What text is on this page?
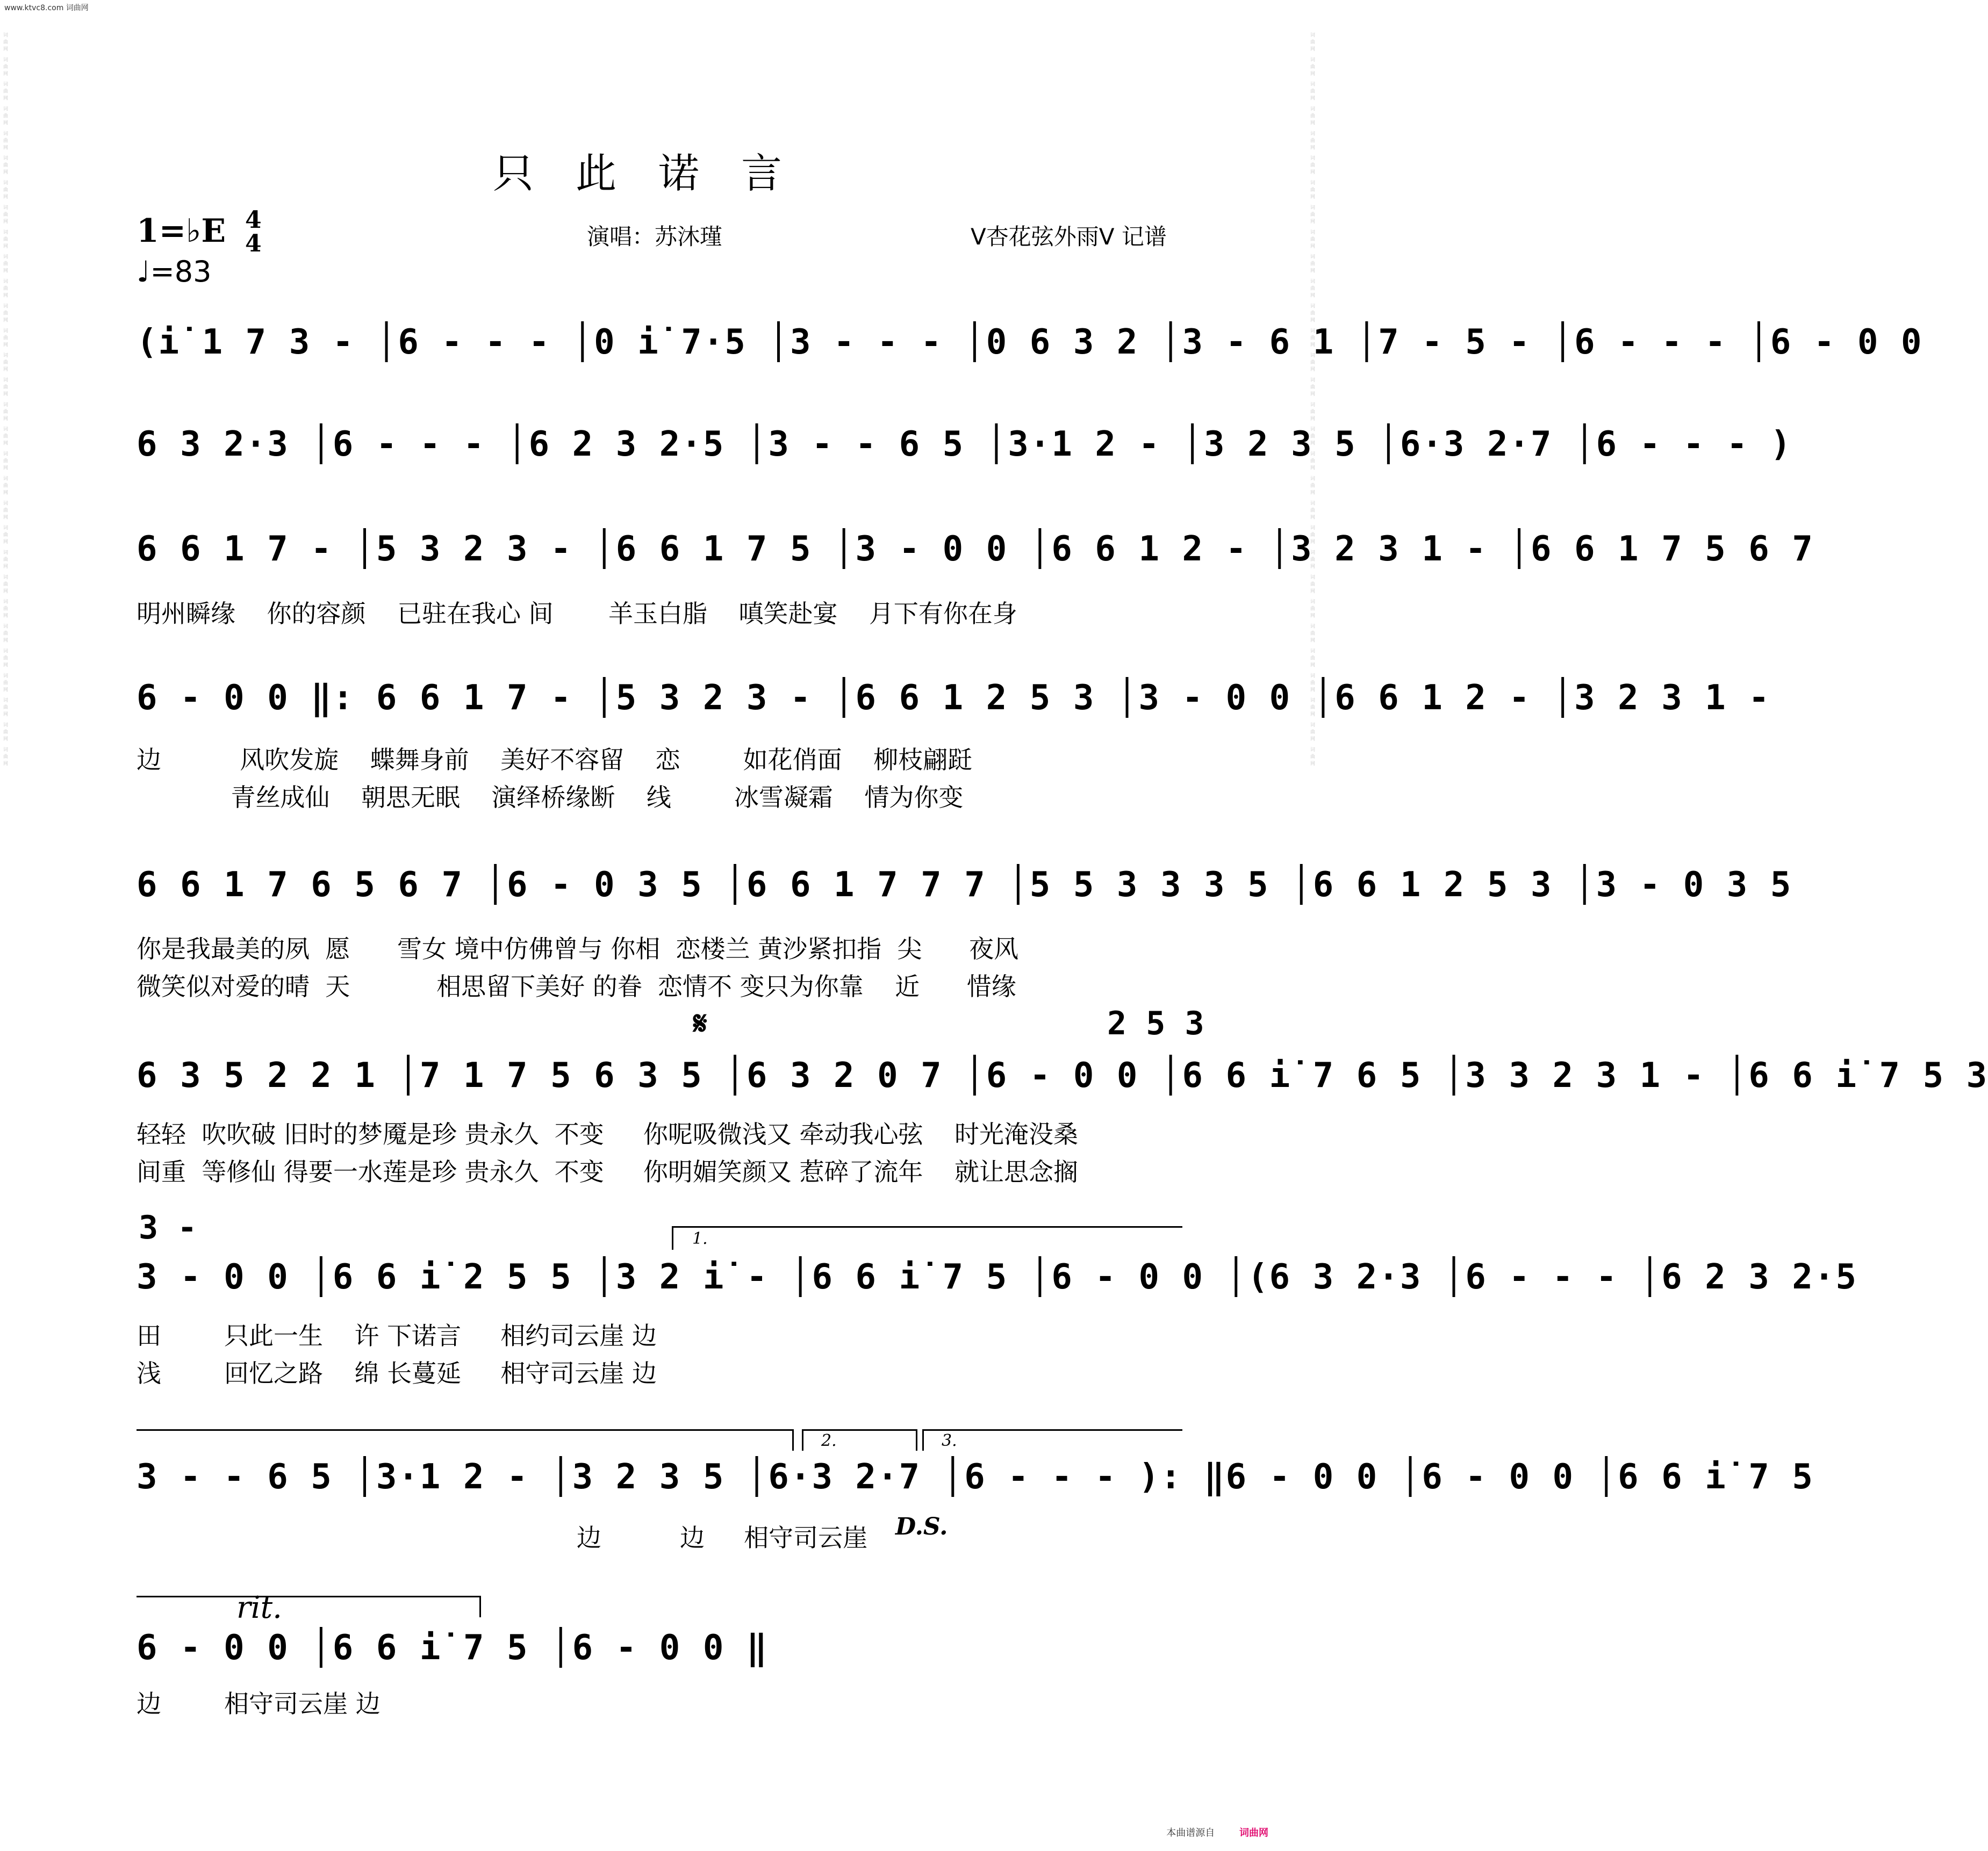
www.ktvc8.com 词曲网
词曲网 词曲网 词曲网 词曲网 词曲网 词曲网 词曲网 词曲网 词曲网 词曲网 词曲网 词曲网 词曲网 词曲网 词曲网 词曲网 词曲网 词曲网 词曲网 词曲网 词曲网 词曲网 词曲网 词曲网 词曲网 词曲网 词曲网 词曲网 词曲网 词曲网	词曲网 词曲网 词曲网 词曲网 词曲网 词曲网 词曲网 词曲网 词曲网 词曲网 词曲网 词曲网 词曲网 词曲网 词曲网 词曲网 词曲网 词曲网 词曲网 词曲网 词曲网 词曲网 词曲网 词曲网 词曲网 词曲网 词曲网 词曲网 词曲网 词曲网
只此诺言
1=♭E 4
4
♩=83
演唱：苏沐瑾	V杏花弦外雨V 记谱
(i̇ 1 7 3 - │6 - - - │0 i̇ 7·5 │3 - - - │0 6 3 2 │3 - 6 1 │7 - 5 - │6 - - - │6 - 0 0
6 3 2·3 │6 - - - │6 2 3 2·5 │3 - - 6 5 │3·1 2 - │3 2 3 5 │6·3 2·7 │6 - - - )
6 6 1 7 - │5 3 2 3 - │6 6 1 7 5 │3 - 0 0 │6 6 1 2 - │3 2 3 1 - │6 6 1 7 5 6 7
明州瞬缘    你的容颜    已驻在我心 间       羊玉白脂    嗔笑赴宴    月下有你在身
6 - 0 0 ‖: 6 6 1 7 - │5 3 2 3 - │6 6 1 2 5 3 │3 - 0 0 │6 6 1 2 - │3 2 3 1 -
边          风吹发旋    蝶舞身前    美好不容留    恋        如花俏面    柳枝翩跹
青丝成仙    朝思无眠    演绎桥缘断    线        冰雪凝霜    情为你变
6 6 1 7 6 5 6 7 │6 - 0 3 5 │6 6 1 7 7 7 │5 5 3 3 3 5 │6 6 1 2 5 3 │3 - 0 3 5
你是我最美的夙  愿      雪女 境中仿佛曾与 你相  恋楼兰 黄沙紧扣指  尖      夜风
微笑似对爱的晴  天           相思留下美好 的眷  恋情不 变只为你靠    近      惜缘
𝄋	2 5 3
6 3 5 2 2 1 │7 1 7 5 6 3 5 │6 3 2 0 7 │6 - 0 0 │6 6 i̇ 7 6 5 │3 3 2 3 1 - │6 6 i̇ 7 5 3
轻轻  吹吹破 旧时的梦魇是珍 贵永久  不变     你呢吸微浅又 牵动我心弦    时光淹没桑
间重  等修仙 得要一水莲是珍 贵永久  不变     你明媚笑颜又 惹碎了流年    就让思念搁
3 -	1.
3 - 0 0 │6 6 i̇ 2 5 5 │3 2 i̇ - │6 6 i̇ 7 5 │6 - 0 0 │(6 3 2·3 │6 - - - │6 2 3 2·5
田        只此一生    许 下诺言     相约司云崖 边
浅        回忆之路    绵 长蔓延     相守司云崖 边
2.	3.
3 - - 6 5 │3·1 2 - │3 2 3 5 │6·3 2·7 │6 - - - ): ‖6 - 0 0 │6 - 0 0 │6 6 i̇ 7 5
D.S.
边          边     相守司云崖
rit.
6 - 0 0 │6 6 i̇ 7 5 │6 - 0 0 ‖
边        相守司云崖 边
本曲谱源自	词曲网
